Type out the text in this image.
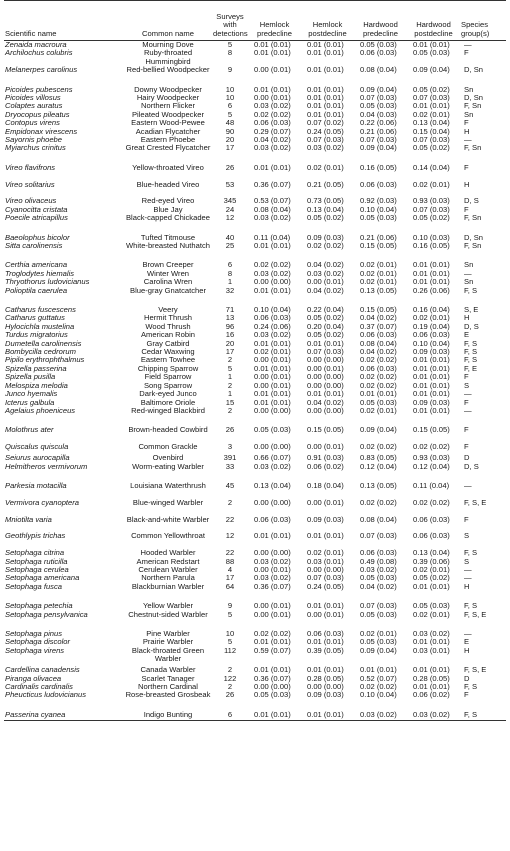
Scientific name	Common name	Surveys with detections	Hemlock predecline	Hemlock postdecline	Hardwood predecline	Hardwood postdecline	Species group(s)
Zenaida macroura	Mourning Dove	5	0.01 (0.01)	0.01 (0.01)	0.05 (0.03)	0.01 (0.01)	—
Archilochus colubris	Ruby-throated Hummingbird	8	0.01 (0.01)	0.01 (0.01)	0.06 (0.03)	0.05 (0.03)	F
Melanerpes carolinus	Red-bellied Woodpecker	9	0.00 (0.01)	0.01 (0.01)	0.08 (0.04)	0.09 (0.04)	D, Sn
Picoides pubescens	Downy Woodpecker	10	0.01 (0.01)	0.01 (0.01)	0.09 (0.04)	0.05 (0.02)	Sn
Picoides villosus	Hairy Woodpecker	10	0.00 (0.01)	0.01 (0.01)	0.07 (0.03)	0.07 (0.03)	D, Sn
Colaptes auratus	Northern Flicker	6	0.03 (0.02)	0.01 (0.01)	0.05 (0.03)	0.01 (0.01)	F, Sn
Dryocopus pileatus	Pileated Woodpecker	5	0.02 (0.02)	0.01 (0.01)	0.04 (0.03)	0.02 (0.01)	Sn
Contopus virens	Eastern Wood-Pewee	48	0.06 (0.03)	0.07 (0.02)	0.22 (0.06)	0.13 (0.04)	F
Empidonax virescens	Acadian Flycatcher	90	0.29 (0.07)	0.24 (0.05)	0.21 (0.06)	0.15 (0.04)	H
Sayornis phoebe	Eastern Phoebe	20	0.04 (0.02)	0.07 (0.03)	0.07 (0.03)	0.07 (0.03)	—
Myiarchus crinitus	Great Crested Flycatcher	17	0.03 (0.02)	0.03 (0.02)	0.09 (0.04)	0.05 (0.02)	F, Sn
Vireo flavifrons	Yellow-throated Vireo	26	0.01 (0.01)	0.02 (0.01)	0.16 (0.05)	0.14 (0.04)	F
Vireo solitarius	Blue-headed Vireo	53	0.36 (0.07)	0.21 (0.05)	0.06 (0.03)	0.02 (0.01)	H
Vireo olivaceus	Red-eyed Vireo	345	0.53 (0.07)	0.73 (0.05)	0.92 (0.03)	0.93 (0.03)	D, S
Cyanocitta cristata	Blue Jay	24	0.08 (0.04)	0.13 (0.04)	0.10 (0.04)	0.07 (0.03)	F
Poecile atricapillus	Black-capped Chickadee	12	0.03 (0.02)	0.05 (0.02)	0.05 (0.03)	0.05 (0.02)	F, Sn
Baeolophus bicolor	Tufted Titmouse	40	0.11 (0.04)	0.09 (0.03)	0.21 (0.06)	0.10 (0.03)	D, Sn
Sitta carolinensis	White-breasted Nuthatch	25	0.01 (0.01)	0.02 (0.02)	0.15 (0.05)	0.16 (0.05)	F, Sn
Certhia americana	Brown Creeper	6	0.02 (0.02)	0.04 (0.02)	0.02 (0.01)	0.01 (0.01)	Sn
Troglodytes hiemalis	Winter Wren	8	0.03 (0.02)	0.03 (0.02)	0.02 (0.01)	0.01 (0.01)	—
Thryothorus ludovicianus	Carolina Wren	1	0.00 (0.00)	0.00 (0.01)	0.02 (0.01)	0.01 (0.01)	Sn
Polioptila caerulea	Blue-gray Gnatcatcher	32	0.01 (0.01)	0.04 (0.02)	0.13 (0.05)	0.26 (0.06)	F, S
Catharus fuscescens	Veery	71	0.10 (0.04)	0.22 (0.04)	0.15 (0.05)	0.16 (0.04)	S, E
Catharus guttatus	Hermit Thrush	13	0.06 (0.03)	0.05 (0.02)	0.04 (0.02)	0.02 (0.01)	H
Hylocichla mustelina	Wood Thrush	96	0.24 (0.06)	0.20 (0.04)	0.37 (0.07)	0.19 (0.04)	D, S
Turdus migratorius	American Robin	16	0.03 (0.02)	0.05 (0.02)	0.06 (0.03)	0.06 (0.03)	E
Dumetella carolinensis	Gray Catbird	20	0.01 (0.01)	0.01 (0.01)	0.08 (0.04)	0.10 (0.04)	F, S
Bombycilla cedrorum	Cedar Waxwing	17	0.02 (0.01)	0.07 (0.03)	0.04 (0.02)	0.09 (0.03)	F, S
Pipilo erythrophthalmus	Eastern Towhee	2	0.00 (0.01)	0.00 (0.00)	0.02 (0.02)	0.01 (0.01)	F, S
Spizella passerina	Chipping Sparrow	5	0.01 (0.01)	0.00 (0.01)	0.06 (0.03)	0.01 (0.01)	F, E
Spizella pusilla	Field Sparrow	1	0.00 (0.01)	0.00 (0.00)	0.02 (0.02)	0.01 (0.01)	F
Melospiza melodia	Song Sparrow	2	0.00 (0.01)	0.00 (0.00)	0.02 (0.02)	0.01 (0.01)	S
Junco hyemalis	Dark-eyed Junco	1	0.01 (0.01)	0.01 (0.01)	0.01 (0.01)	0.01 (0.01)	—
Icterus galbula	Baltimore Oriole	15	0.01 (0.01)	0.04 (0.02)	0.05 (0.03)	0.09 (0.03)	F
Agelaius phoeniceus	Red-winged Blackbird	2	0.00 (0.00)	0.00 (0.00)	0.02 (0.01)	0.01 (0.01)	—
Molothrus ater	Brown-headed Cowbird	26	0.05 (0.03)	0.15 (0.05)	0.09 (0.04)	0.15 (0.05)	F
Quiscalus quiscula	Common Grackle	3	0.00 (0.00)	0.00 (0.01)	0.02 (0.02)	0.02 (0.02)	F
Seiurus aurocapilla	Ovenbird	391	0.66 (0.07)	0.91 (0.03)	0.83 (0.05)	0.93 (0.03)	D
Helmitheros vermivorum	Worm-eating Warbler	33	0.03 (0.02)	0.06 (0.02)	0.12 (0.04)	0.12 (0.04)	D, S
Parkesia motacilla	Louisiana Waterthrush	45	0.13 (0.04)	0.18 (0.04)	0.13 (0.05)	0.11 (0.04)	—
Vermivora cyanoptera	Blue-winged Warbler	2	0.00 (0.00)	0.00 (0.01)	0.02 (0.02)	0.02 (0.02)	F, S, E
Mniotilta varia	Black-and-white Warbler	22	0.06 (0.03)	0.09 (0.03)	0.08 (0.04)	0.06 (0.03)	F
Geothlypis trichas	Common Yellowthroat	12	0.01 (0.01)	0.01 (0.01)	0.07 (0.03)	0.06 (0.03)	S
Setophaga citrina	Hooded Warbler	22	0.00 (0.00)	0.02 (0.01)	0.06 (0.03)	0.13 (0.04)	F, S
Setophaga ruticilla	American Redstart	88	0.03 (0.02)	0.03 (0.01)	0.49 (0.08)	0.39 (0.06)	S
Setophaga cerulea	Cerulean Warbler	4	0.00 (0.01)	0.00 (0.00)	0.03 (0.02)	0.02 (0.01)	—
Setophaga americana	Northern Parula	17	0.03 (0.02)	0.07 (0.03)	0.05 (0.03)	0.05 (0.02)	—
Setophaga fusca	Blackburnian Warbler	64	0.36 (0.07)	0.24 (0.05)	0.04 (0.02)	0.01 (0.01)	H
Setophaga petechia	Yellow Warbler	9	0.00 (0.01)	0.01 (0.01)	0.07 (0.03)	0.05 (0.03)	F, S
Setophaga pensylvanica	Chestnut-sided Warbler	5	0.00 (0.01)	0.00 (0.01)	0.05 (0.03)	0.02 (0.01)	F, S, E
Setophaga pinus	Pine Warbler	10	0.02 (0.02)	0.06 (0.03)	0.02 (0.01)	0.03 (0.02)	—
Setophaga discolor	Prairie Warbler	5	0.01 (0.01)	0.01 (0.01)	0.05 (0.03)	0.01 (0.01)	E
Setophaga virens	Black-throated Green Warbler	112	0.59 (0.07)	0.39 (0.05)	0.09 (0.04)	0.03 (0.01)	H
Cardellina canadensis	Canada Warbler	2	0.01 (0.01)	0.01 (0.01)	0.01 (0.01)	0.01 (0.01)	F, S, E
Piranga olivacea	Scarlet Tanager	122	0.36 (0.07)	0.28 (0.05)	0.52 (0.07)	0.28 (0.05)	D
Cardinalis cardinalis	Northern Cardinal	2	0.00 (0.00)	0.00 (0.00)	0.02 (0.02)	0.01 (0.01)	F, S
Pheucticus ludovicianus	Rose-breasted Grosbeak	26	0.05 (0.03)	0.09 (0.03)	0.10 (0.04)	0.06 (0.02)	F
Passerina cyanea	Indigo Bunting	6	0.01 (0.01)	0.01 (0.01)	0.03 (0.02)	0.03 (0.02)	F, S
